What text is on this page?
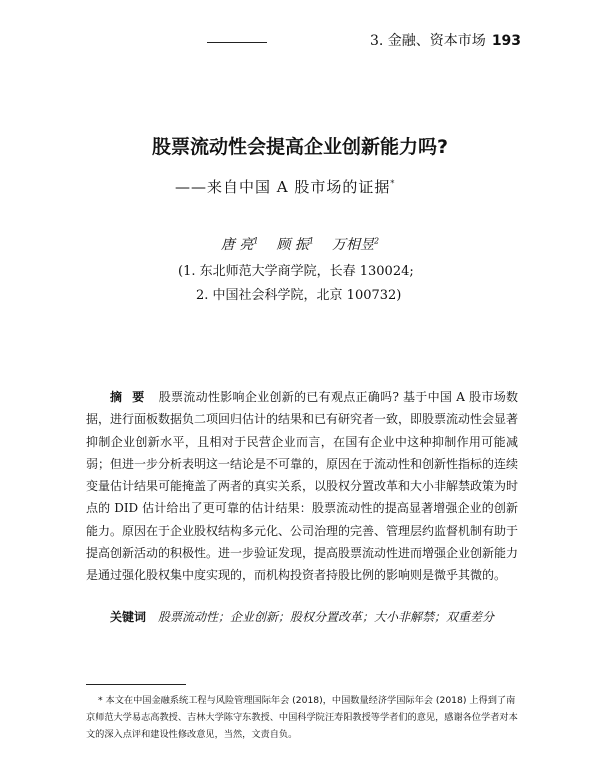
3. 金融、资本市场 193
股票流动性会提高企业创新能力吗?
——来自中国 A 股市场的证据*
唐 亮$^1$ 顾 振$^1$ 万相昱$^2$
(1. 东北师范大学商学院，长春 130024;
2. 中国社会科学院，北京 100732)

摘要 股票流动性影响企业创新的已有观点正确吗? 基于中国 A 股市场数据，进行面板数据负二项回归估计的结果和已有研究者一致，即股票流动性会显著抑制企业创新水平，且相对于民营企业而言，在国有企业中这种抑制作用可能减弱；但进一步分析表明这一结论是不可靠的，原因在于流动性和创新性指标的连续变量估计结果可能掩盖了两者的真实关系，以股权分置改革和大小非解禁政策为时点的 DID 估计给出了更可靠的估计结果：股票流动性的提高显著增强企业的创新能力。原因在于企业股权结构多元化、公司治理的完善、管理层约监督机制有助于提高创新活动的积极性。进一步验证发现，提高股票流动性进而增强企业创新能力是通过强化股权集中度实现的，而机构投资者持股比例的影响则是微乎其微的。

关键词 股票流动性；企业创新；股权分置改革；大小非解禁；双重差分

* 本文在中国金融系统工程与风险管理国际年会 (2018)，中国数量经济学国际年会 (2018) 上得到了南京师范大学易志高教授、吉林大学陈守东教授、中国科学院汪寿阳教授等学者们的意见，感谢各位学者对本文的深入点评和建设性修改意见，当然，文责自负。
